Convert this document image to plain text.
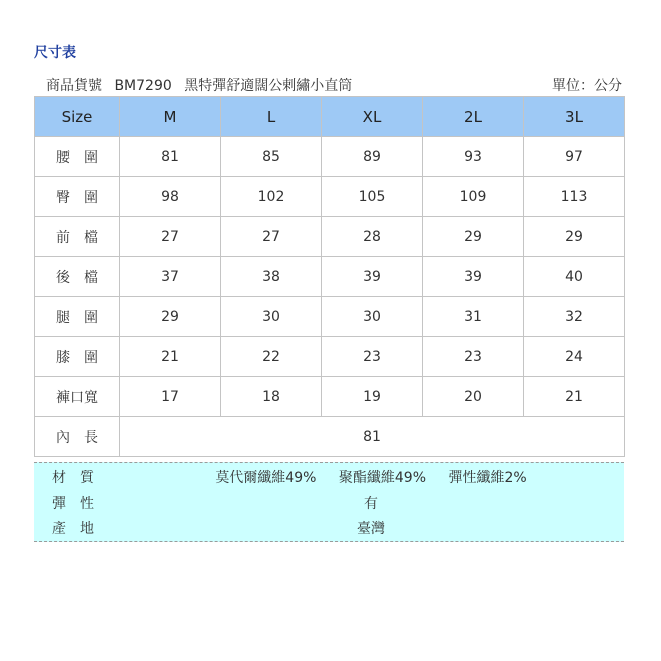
尺寸表
商品貨號 BM7290 黑特彈舒適闊公剌繡小直筒	單位：公分
Size	M	L	XL	2L	3L
腰　圍	81	85	89	93	97
臀　圍	98	102	105	109	113
前　檔	27	27	28	29	29
後　檔	37	38	39	39	40
腿　圍	29	30	30	31	32
膝　圍	21	22	23	23	24
褲口寬	17	18	19	20	21
內　長	81				
材　質	莫代爾纖維49% 聚酯纖維49% 彈性纖維2%
彈　性	有
產　地	臺灣
